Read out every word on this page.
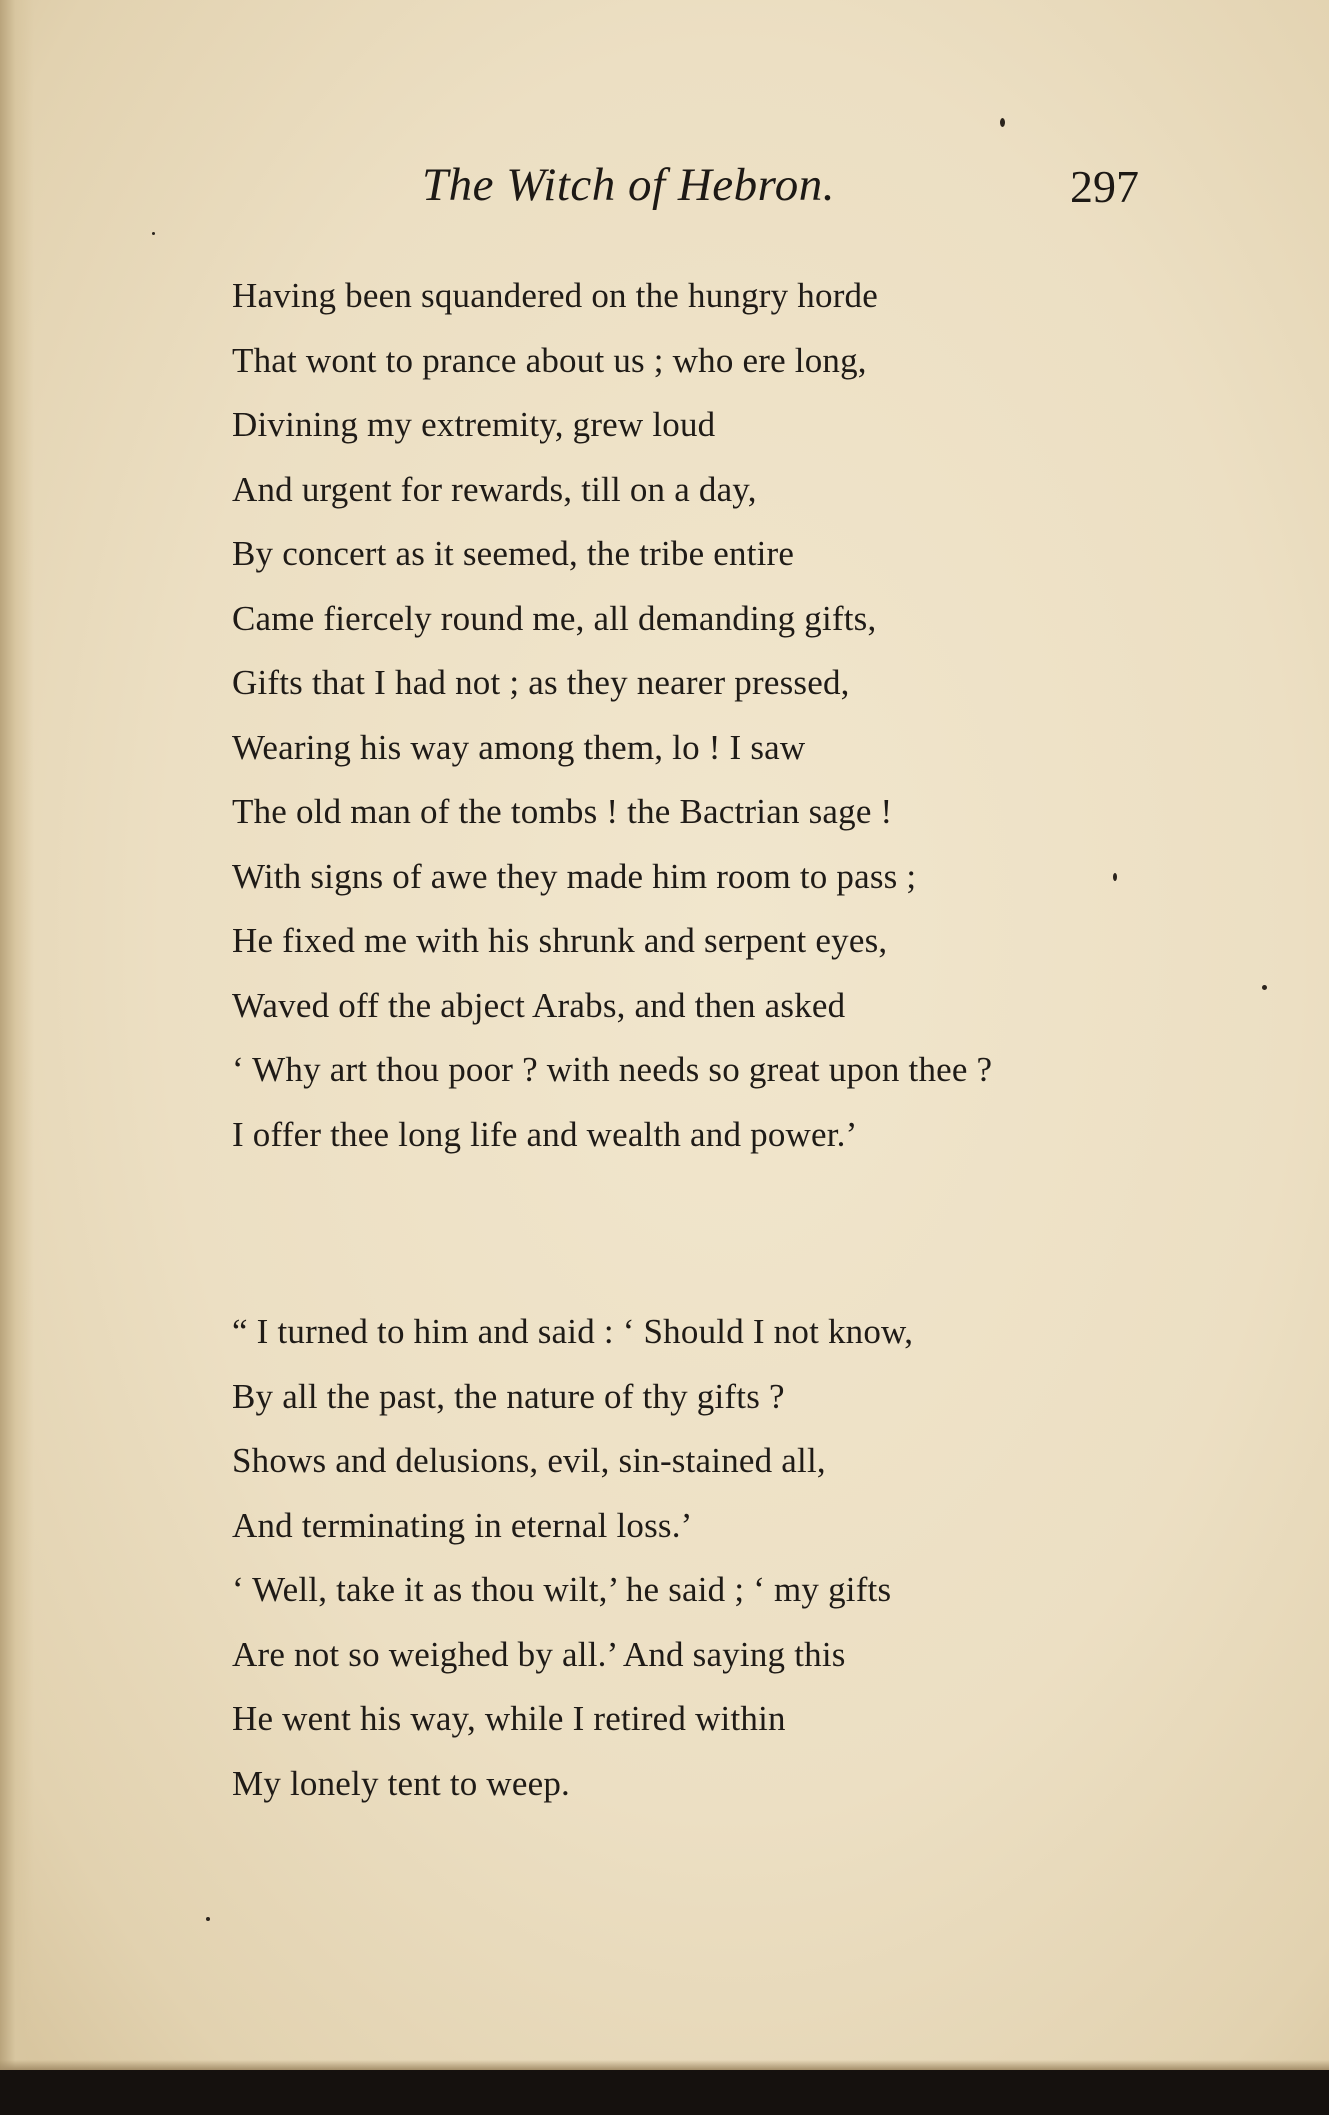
The Witch of Hebron.	297
Having been squandered on the hungry horde
That wont to prance about us ; who ere long,
Divining my extremity, grew loud
And urgent for rewards, till on a day,
By concert as it seemed, the tribe entire
Came fiercely round me, all demanding gifts,
Gifts that I had not ; as they nearer pressed,
Wearing his way among them, lo ! I saw
The old man of the tombs ! the Bactrian sage !
With signs of awe they made him room to pass ;
He fixed me with his shrunk and serpent eyes,
Waved off the abject Arabs, and then asked
‘ Why art thou poor ? with needs so great upon thee ?
I offer thee long life and wealth and power.’
“ I turned to him and said : ‘ Should I not know,
By all the past, the nature of thy gifts ?
Shows and delusions, evil, sin-stained all,
And terminating in eternal loss.’
‘ Well, take it as thou wilt,’ he said ; ‘ my gifts
Are not so weighed by all.’ And saying this
He went his way, while I retired within
My lonely tent to weep.
